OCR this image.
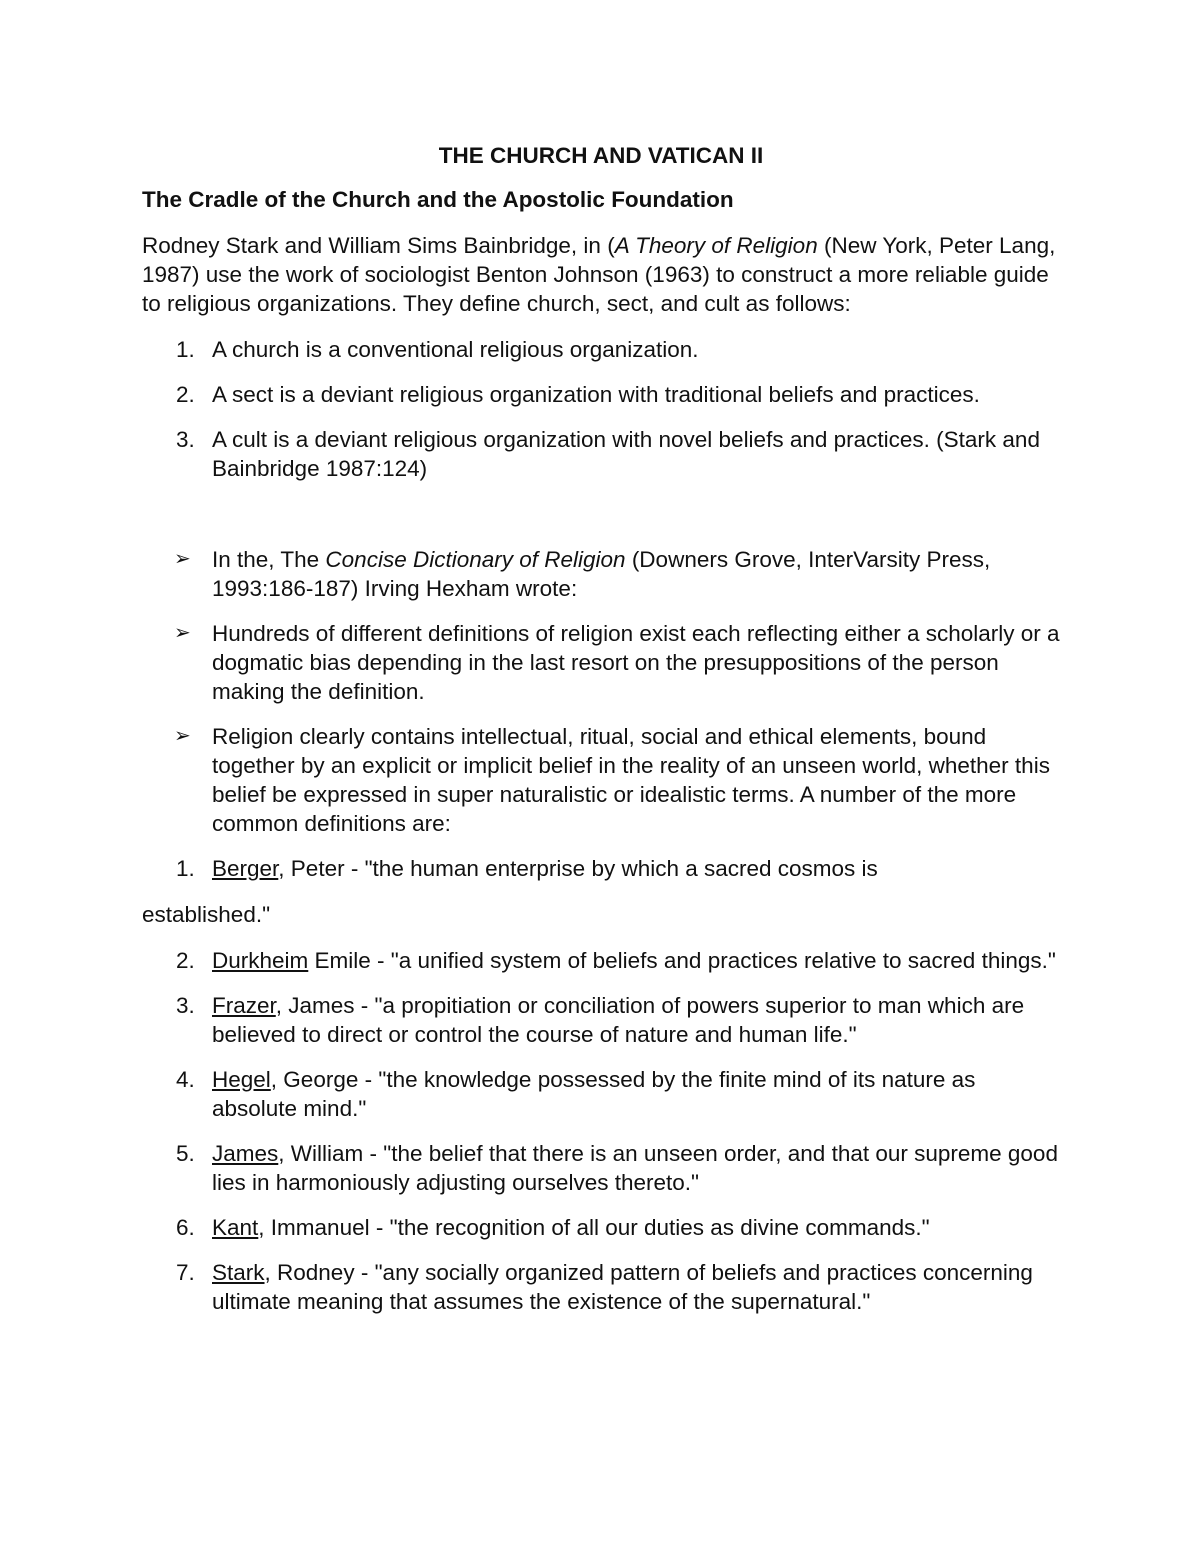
THE CHURCH AND VATICAN II
The Cradle of the Church and the Apostolic Foundation
Rodney Stark and William Sims Bainbridge, in (A Theory of Religion (New York, Peter Lang, 1987) use the work of sociologist Benton Johnson (1963) to construct a more reliable guide to religious organizations. They define church, sect, and cult as follows:
1. A church is a conventional religious organization.
2. A sect is a deviant religious organization with traditional beliefs and practices.
3. A cult is a deviant religious organization with novel beliefs and practices. (Stark and Bainbridge 1987:124)
➢ In the, The Concise Dictionary of Religion (Downers Grove, InterVarsity Press, 1993:186-187) Irving Hexham wrote:
➢ Hundreds of different definitions of religion exist each reflecting either a scholarly or a dogmatic bias depending in the last resort on the presuppositions of the person making the definition.
➢ Religion clearly contains intellectual, ritual, social and ethical elements, bound together by an explicit or implicit belief in the reality of an unseen world, whether this belief be expressed in super naturalistic or idealistic terms. A number of the more common definitions are:
1. Berger, Peter - "the human enterprise by which a sacred cosmos is
established."
2. Durkheim Emile - "a unified system of beliefs and practices relative to sacred things."
3. Frazer, James - "a propitiation or conciliation of powers superior to man which are believed to direct or control the course of nature and human life."
4. Hegel, George - "the knowledge possessed by the finite mind of its nature as absolute mind."
5. James, William - "the belief that there is an unseen order, and that our supreme good lies in harmoniously adjusting ourselves thereto."
6. Kant, Immanuel - "the recognition of all our duties as divine commands."
7. Stark, Rodney - "any socially organized pattern of beliefs and practices concerning ultimate meaning that assumes the existence of the supernatural."
